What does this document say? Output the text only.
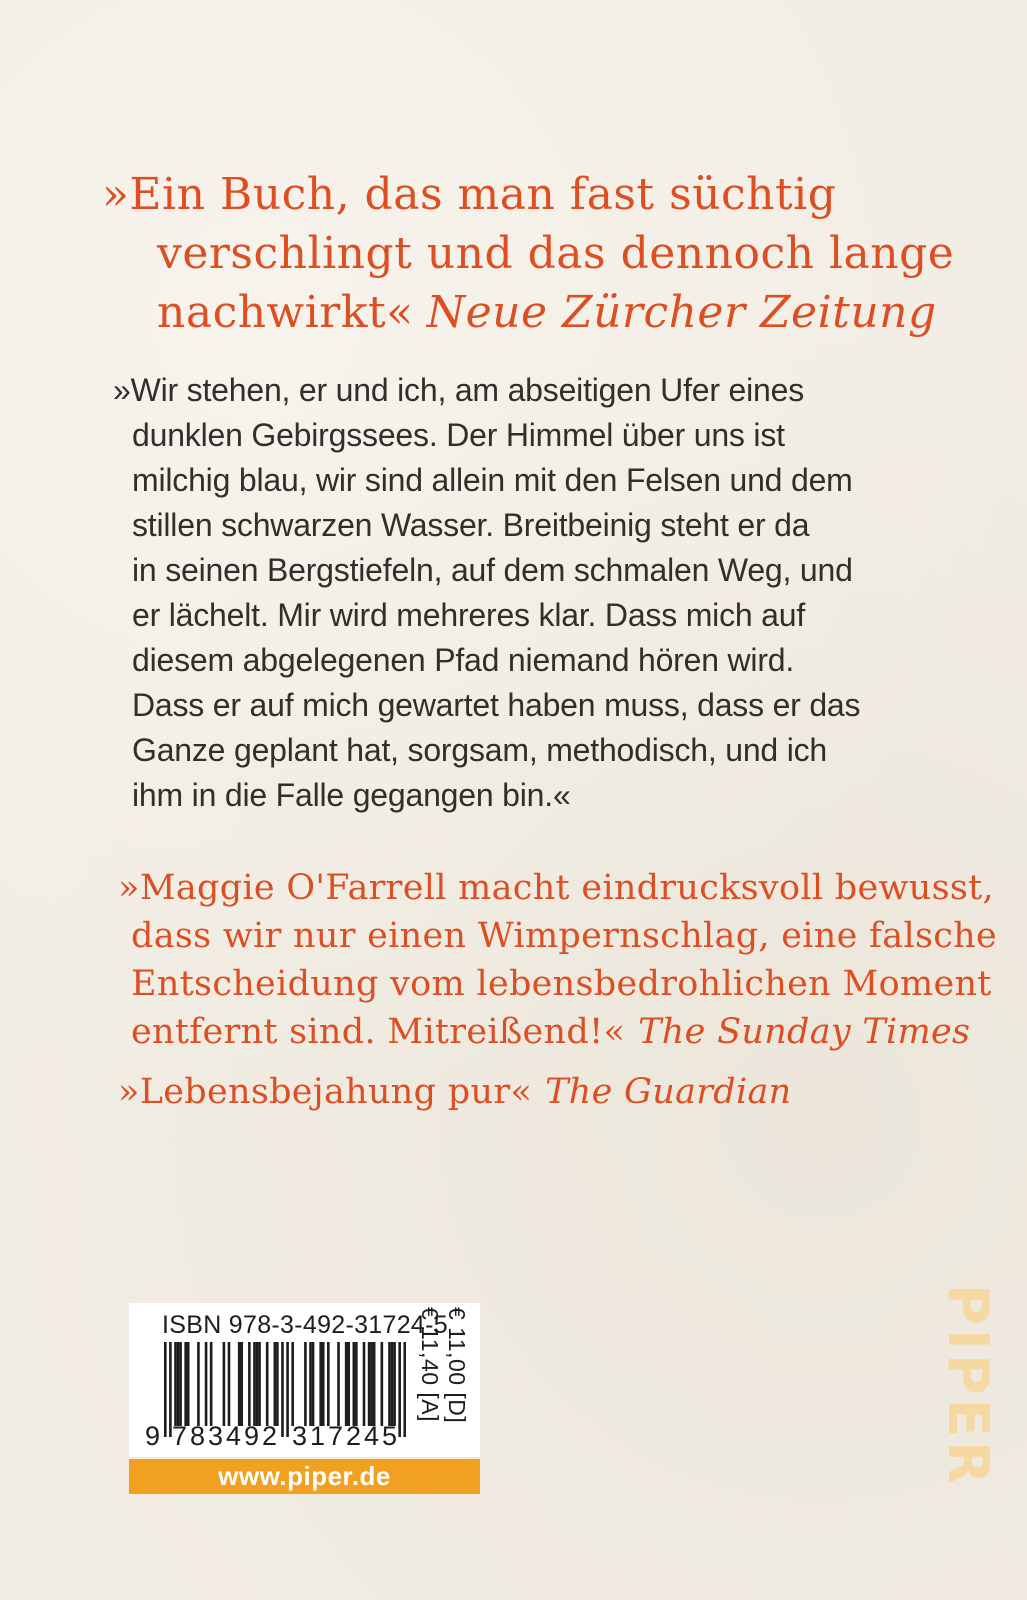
»Ein Buch, das man fast süchtig
verschlingt und das dennoch lange
nachwirkt« Neue Zürcher Zeitung
»Wir stehen, er und ich, am abseitigen Ufer eines
dunklen Gebirgssees. Der Himmel über uns ist
milchig blau, wir sind allein mit den Felsen und dem
stillen schwarzen Wasser. Breitbeinig steht er da
in seinen Bergstiefeln, auf dem schmalen Weg, und
er lächelt. Mir wird mehreres klar. Dass mich auf
diesem abgelegenen Pfad niemand hören wird.
Dass er auf mich gewartet haben muss, dass er das
Ganze geplant hat, sorgsam, methodisch, und ich
ihm in die Falle gegangen bin.«
»Maggie O'Farrell macht eindrucksvoll bewusst,
dass wir nur einen Wimpernschlag, eine falsche
Entscheidung vom lebensbedrohlichen Moment
entfernt sind. Mitreißend!« The Sunday Times
»Lebensbejahung pur« The Guardian
ISBN 978-3-492-31724-5
9 783492 317245
€ 11,00 [D]
€ 11,40 [A]
www.piper.de	PIPER
